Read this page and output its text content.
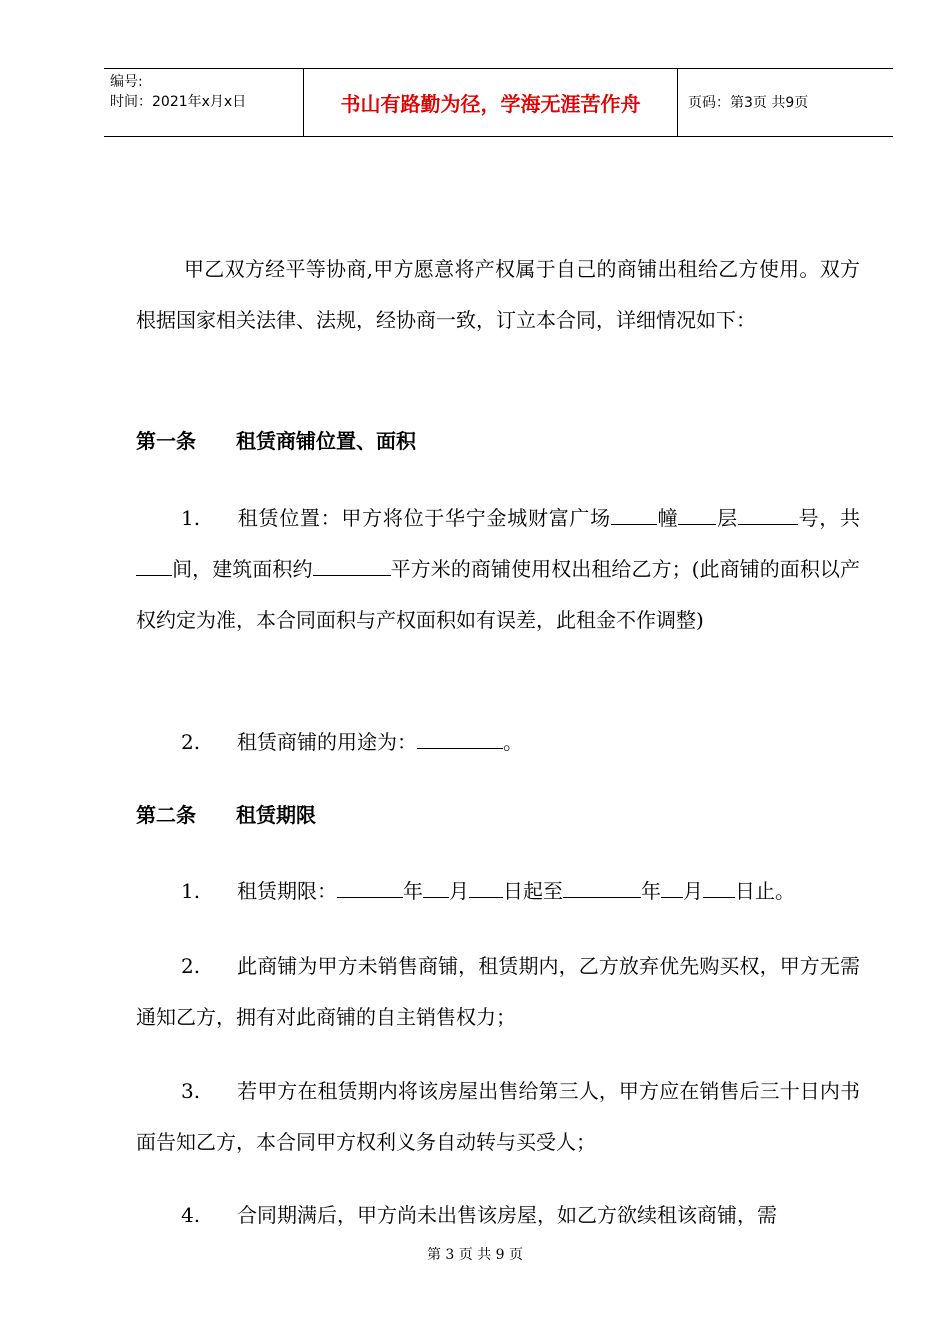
编号:
时间：2021年x月x日	书山有路勤为径，学海无涯苦作舟	页码：第3页 共9页

甲乙双方经平等协商,甲方愿意将产权属于自己的商铺出租给乙方使用。双方根据国家相关法律、法规，经协商一致，订立本合同，详细情况如下：

第一条 租赁商铺位置、面积

1. 租赁位置：甲方将位于华宁金城财富广场 幢 层	号，共间，建筑面积约	平方米的商铺使用权出租给乙方；(此商铺的面积以产权约定为准，本合同面积与产权面积如有误差，此租金不作调整)

2. 租赁商铺的用途为：	。

第二条 租赁期限

1. 租赁期限：	年 月 日起至	年 月 日止。

2. 此商铺为甲方未销售商铺，租赁期内，乙方放弃优先购买权，甲方无需通知乙方，拥有对此商铺的自主销售权力；

3. 若甲方在租赁期内将该房屋出售给第三人，甲方应在销售后三十日内书面告知乙方，本合同甲方权利义务自动转与买受人；

4. 合同期满后，甲方尚未出售该房屋，如乙方欲续租该商铺，需

第 3 页 共 9 页
